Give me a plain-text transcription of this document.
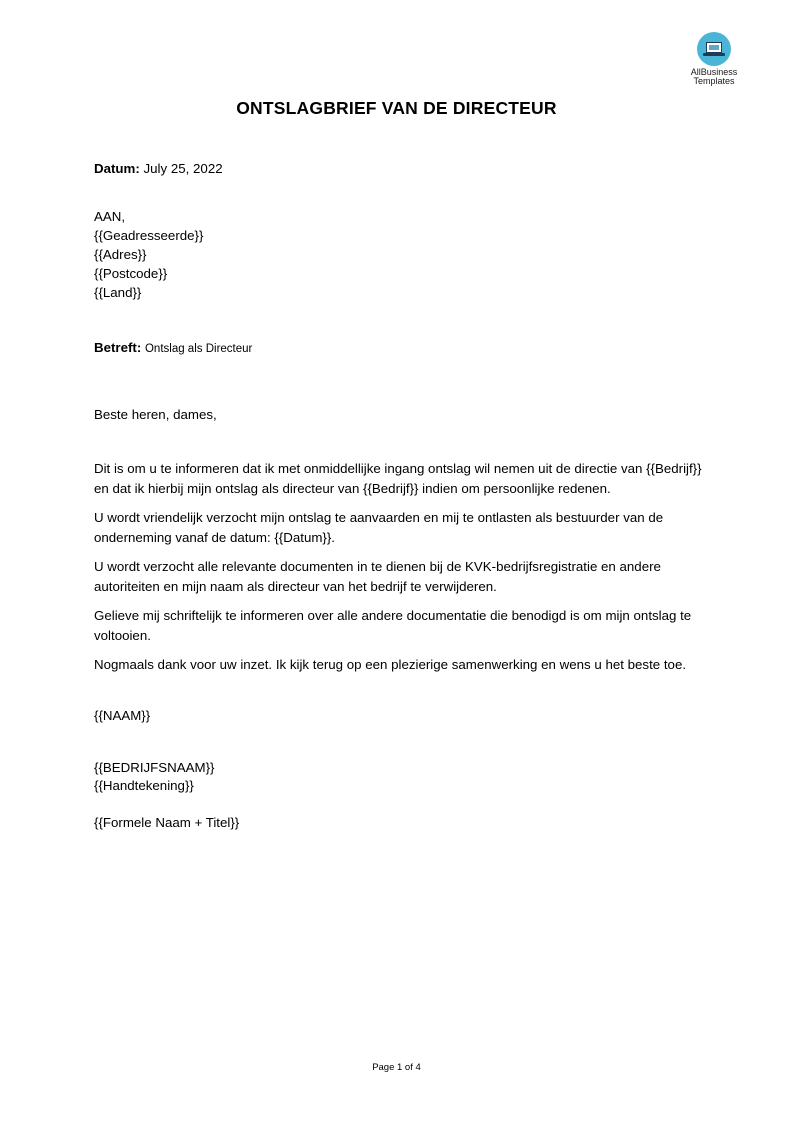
AllBusiness
Templates
ONTSLAGBRIEF VAN DE DIRECTEUR
Datum: July 25, 2022
AAN,
{{Geadresseerde}}
{{Adres}}
{{Postcode}}
{{Land}}
Betreft: Ontslag als Directeur
Beste heren, dames,
Dit is om u te informeren dat ik met onmiddellijke ingang ontslag wil nemen uit de directie van {{Bedrijf}} en dat ik hierbij mijn ontslag als directeur van {{Bedrijf}} indien om persoonlijke redenen.
U wordt vriendelijk verzocht mijn ontslag te aanvaarden en mij te ontlasten als bestuurder van de onderneming vanaf de datum: {{Datum}}.
U wordt verzocht alle relevante documenten in te dienen bij de KVK-bedrijfsregistratie en andere autoriteiten en mijn naam als directeur van het bedrijf te verwijderen.
Gelieve mij schriftelijk te informeren over alle andere documentatie die benodigd is om mijn ontslag te voltooien.
Nogmaals dank voor uw inzet. Ik kijk terug op een plezierige samenwerking en wens u het beste toe.
{{NAAM}}
{{BEDRIJFSNAAM}}
{{Handtekening}}
{{Formele Naam + Titel}}
Page 1 of 4
